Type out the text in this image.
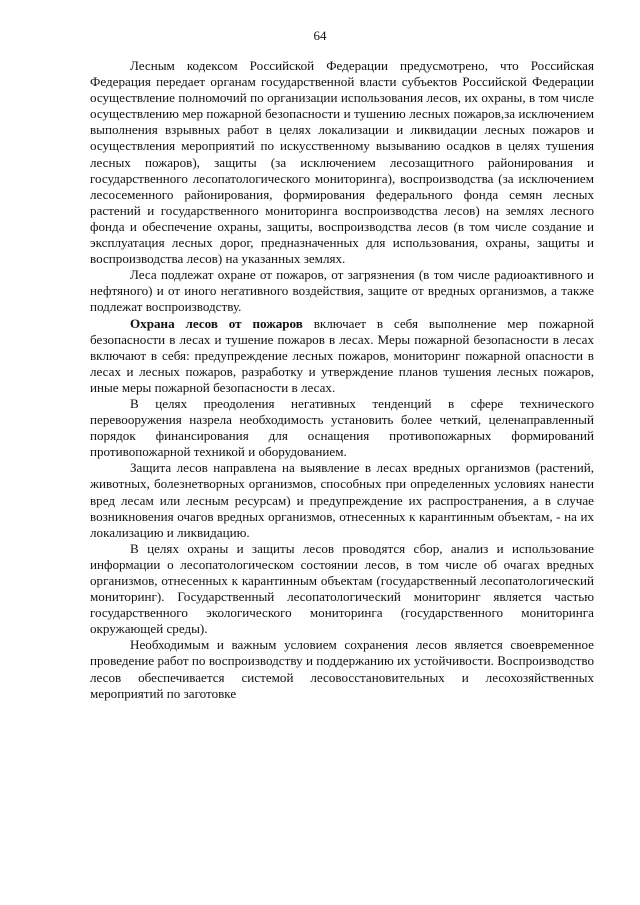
64

Лесным кодексом Российской Федерации предусмотрено, что Российская Федерация передает органам государственной власти субъектов Российской Федерации осуществление полномочий по организации использования лесов, их охраны, в том числе осуществлению мер пожарной безопасности и тушению лесных пожаров,за исключением выполнения взрывных работ в целях локализации и ликвидации лесных пожаров и осуществления мероприятий по искусственному вызыванию осадков в целях тушения лесных пожаров), защиты (за исключением лесозащитного районирования и государственного лесопатологического мониторинга), воспроизводства (за исключением лесосеменного районирования, формирования федерального фонда семян лесных растений и государственного мониторинга воспроизводства лесов) на землях лесного фонда и обеспечение охраны, защиты, воспроизводства лесов (в том числе создание и эксплуатация лесных дорог, предназначенных для использования, охраны, защиты и воспроизводства лесов) на указанных землях.

Леса подлежат охране от пожаров, от загрязнения (в том числе радиоактивного и нефтяного) и от иного негативного воздействия, защите от вредных организмов, а также подлежат воспроизводству.

Охрана лесов от пожаров включает в себя выполнение мер пожарной безопасности в лесах и тушение пожаров в лесах. Меры пожарной безопасности в лесах включают в себя: предупреждение лесных пожаров, мониторинг пожарной опасности в лесах и лесных пожаров, разработку и утверждение планов тушения лесных пожаров, иные меры пожарной безопасности в лесах.

В целях преодоления негативных тенденций в сфере технического перевооружения назрела необходимость установить более четкий, целенаправленный порядок финансирования для оснащения противопожарных формирований противопожарной техникой и оборудованием.

Защита лесов направлена на выявление в лесах вредных организмов (растений, животных, болезнетворных организмов, способных при определенных условиях нанести вред лесам или лесным ресурсам) и предупреждение их распространения, а в случае возникновения очагов вредных организмов, отнесенных к карантинным объектам, - на их локализацию и ликвидацию.

В целях охраны и защиты лесов проводятся сбор, анализ и использование информации о лесопатологическом состоянии лесов, в том числе об очагах вредных организмов, отнесенных к карантинным объектам (государственный лесопатологический мониторинг). Государственный лесопатологический мониторинг является частью государственного экологического мониторинга (государственного мониторинга окружающей среды).

Необходимым и важным условием сохранения лесов является своевременное проведение работ по воспроизводству и поддержанию их устойчивости. Воспроизводство лесов обеспечивается системой лесовосстановительных и лесохозяйственных мероприятий по заготовке
